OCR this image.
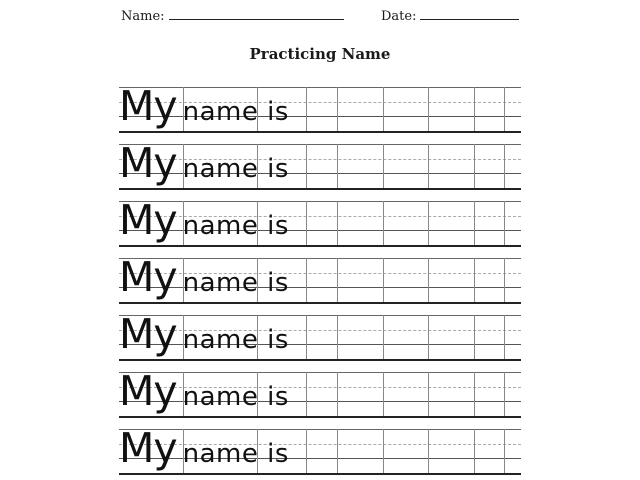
Name:	Date:
Practicing Name
My name is
My name is
My name is
My name is
My name is
My name is
My name is
